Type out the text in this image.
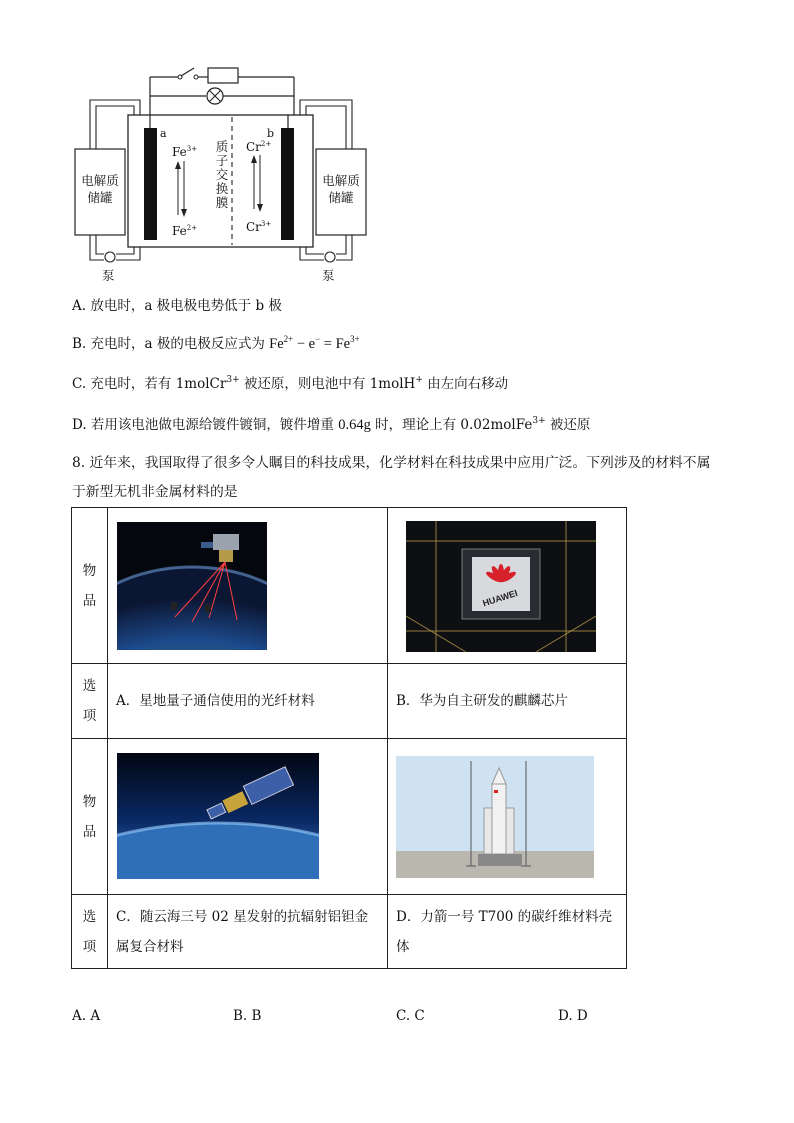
a	b
$Fe^{3+}$
$Fe^{2+}$
质
子
交
换
膜
$Cr^{2+}$
$Cr^{3+}$
电解质
储罐
泵
电解质
储罐
泵
A. 放电时，a 极电极电势低于 b 极
B. 充电时，a 极的电极反应式为 $Fe^{2+} - e^- = Fe^{3+}$
C. 充电时，若有 1molCr$^{3+}$ 被还原，则电池中有 1molH+ 由左向右移动
D. 若用该电池做电源给镀件镀铜，镀件增重 0.64g 时，理论上有 0.02molFe$^{3+}$ 被还原
8. 近年来，我国取得了很多令人瞩目的科技成果，化学材料在科技成果中应用广泛。下列涉及的材料不属
于新型无机非金属材料的是
物
品		HUAWEI

选
项	A．星地量子通信使用的光纤材料	B．华为自主研发的麒麟芯片

物
品

选
项	C．随云海三号 02 星发射的抗辐射铝钽金
属复合材料	D．力箭一号 T700 的碳纤维材料壳
体
A. A	B. B	C. C	D. D
